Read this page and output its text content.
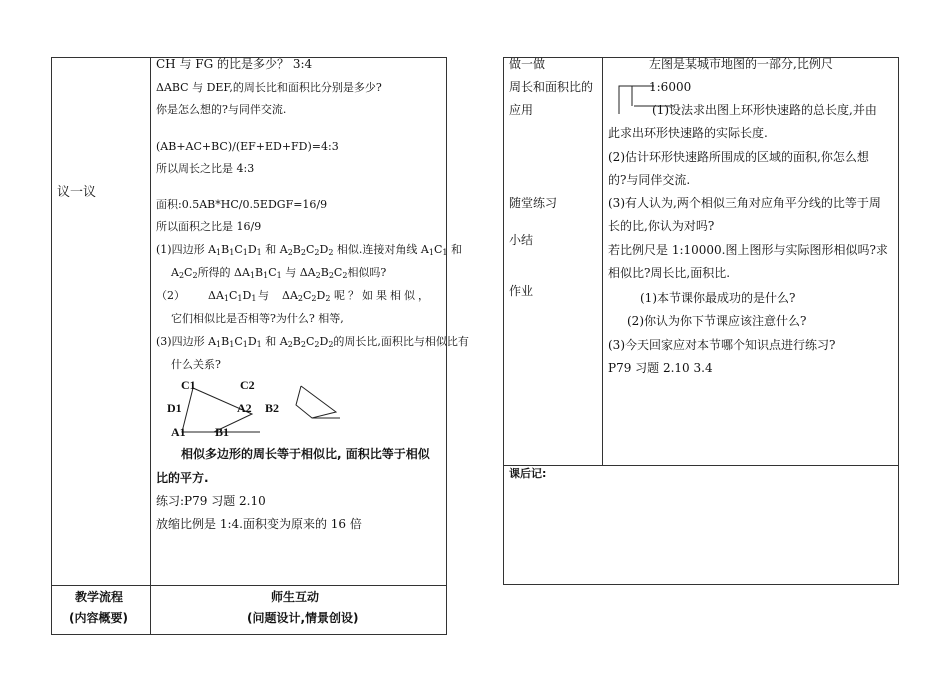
议一议
CH 与 FG 的比是多少？ 3:4
ΔABC 与 DEF,的周长比和面积比分别是多少?
你是怎么想的?与同伴交流.
(AB+AC+BC)/(EF+ED+FD)=4:3
所以周长之比是 4:3
面积:0.5AB*HC/0.5EDGF=16/9
所以面积之比是 16/9
(1)四边形 $A_1B_1C_1D_1$ 和 $A_2B_2C_2D_2$ 相似.连接对角线 $A_1C_1$ 和
$A_2C_2$所得的 $\Delta A_1B_1C_1$ 与 $\Delta A_2B_2C_2$相似吗?
（2） $\Delta A_1C_1D_1$ 与 $\Delta A_2C_2D_2$ 呢？如果相似，
它们相似比是否相等?为什么? 相等,
(3)四边形 $A_1B_1C_1D_1$ 和 $A_2B_2C_2D_2$的周长比,面积比与相似比有
什么关系?
C1	C2
D1	A2 B2
A1 B1
相似多边形的周长等于相似比, 面积比等于相似
比的平方.
练习:P79 习题 2.10
放缩比例是 1:4.面积变为原来的 16 倍
教学流程
(内容概要)
师生互动
(问题设计,情景创设)
做一做
周长和面积比的
应用
随堂练习
小结
作业
左图是某城市地图的一部分,比例尺
1:6000
(1)设法求出图上环形快速路的总长度,并由
此求出环形快速路的实际长度.
(2)估计环形快速路所围成的区域的面积,你怎么想
的?与同伴交流.
(3)有人认为,两个相似三角对应角平分线的比等于周
长的比,你认为对吗?
若比例尺是 1:10000.图上图形与实际图形相似吗?求
相似比?周长比,面积比.
(1)本节课你最成功的是什么?
(2)你认为你下节课应该注意什么?
(3)今天回家应对本节哪个知识点进行练习?
P79 习题 2.10 3.4
课后记:
